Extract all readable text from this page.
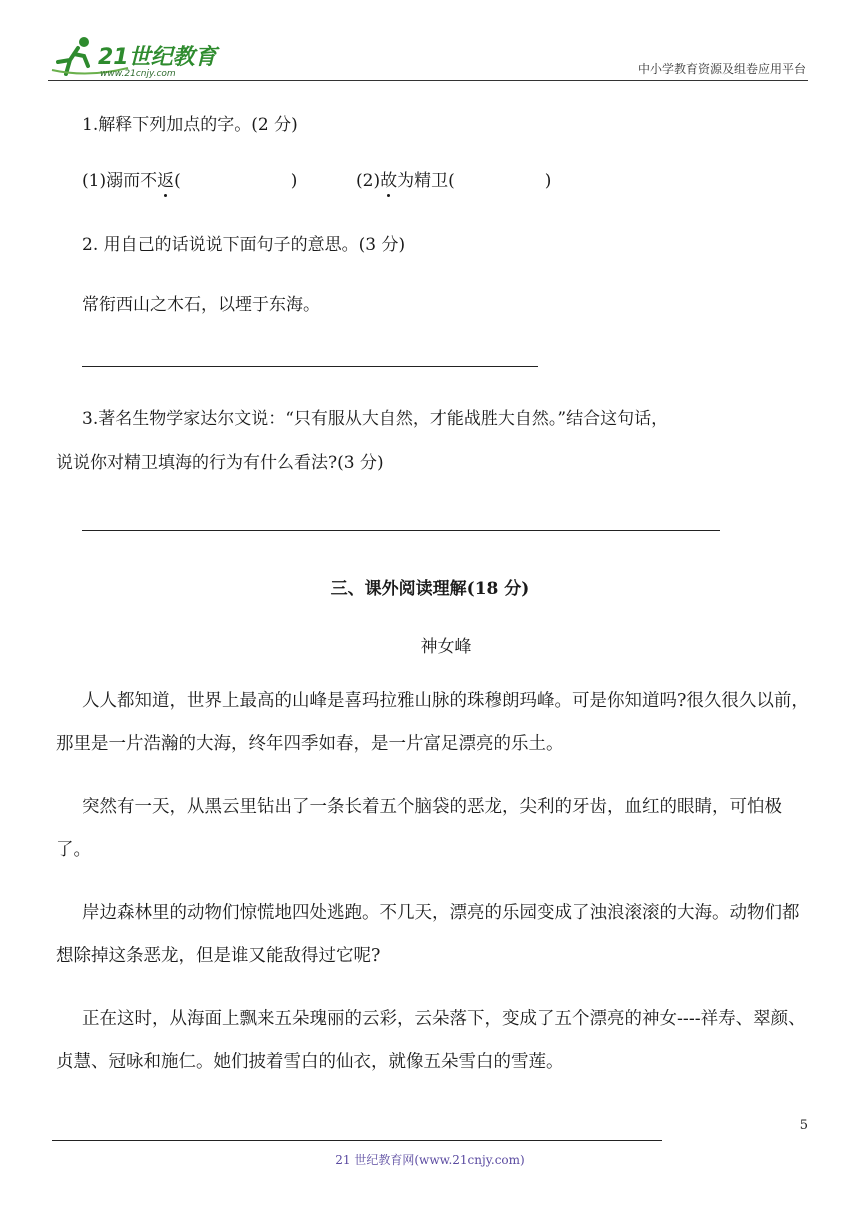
21世纪教育
www.21cnjy.com	中小学教育资源及组卷应用平台
1.解释下列加点的字。(2 分)
(1)溺而不返(	)	(2)故为精卫(	)
2. 用自己的话说说下面句子的意思。(3 分)
常衔西山之木石，以堙于东海。
3.著名生物学家达尔文说：“只有服从大自然，才能战胜大自然。”结合这句话，
说说你对精卫填海的行为有什么看法?(3 分)
三、课外阅读理解(18 分)
神女峰
人人都知道，世界上最高的山峰是喜玛拉雅山脉的珠穆朗玛峰。可是你知道吗?很久很久以前，那里是一片浩瀚的大海，终年四季如春，是一片富足漂亮的乐土。
突然有一天，从黑云里钻出了一条长着五个脑袋的恶龙，尖利的牙齿，血红的眼睛，可怕极了。
岸边森林里的动物们惊慌地四处逃跑。不几天，漂亮的乐园变成了浊浪滚滚的大海。动物们都想除掉这条恶龙，但是谁又能敌得过它呢?
正在这时，从海面上飘来五朵瑰丽的云彩，云朵落下，变成了五个漂亮的神女----祥寿、翠颜、贞慧、冠咏和施仁。她们披着雪白的仙衣，就像五朵雪白的雪莲。
5
21 世纪教育网(www.21cnjy.com)
